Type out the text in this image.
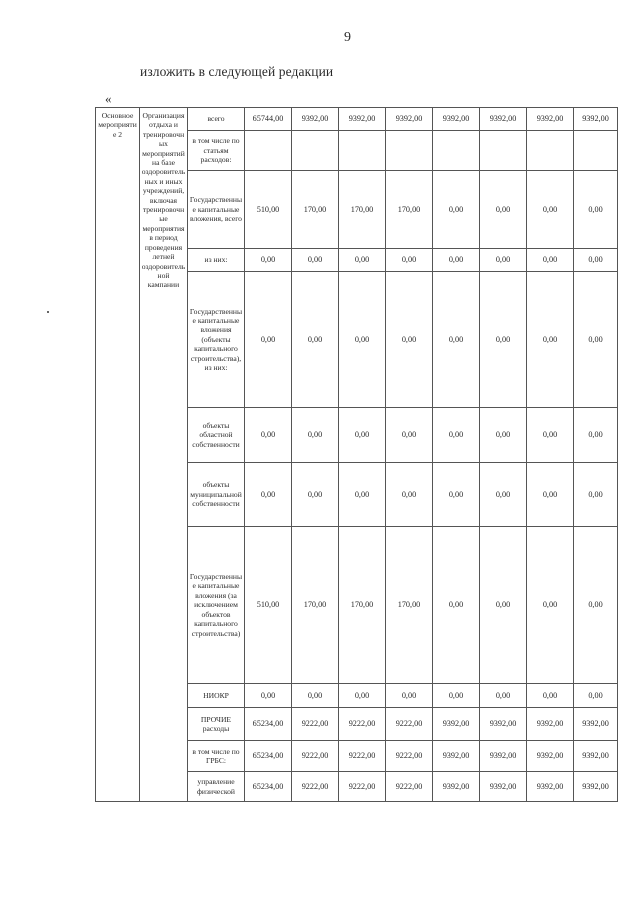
9
изложить в следующей редакции
«
Основное мероприятие 2	Организация отдыха и тренировочных мероприятий на базе оздоровительных и иных учреждений, включая тренировочные мероприятия в период проведения летней оздоровительной кампании	всего	65744,00	9392,00	9392,00	9392,00	9392,00	9392,00	9392,00	9392,00
		в том числе по статьям расходов:								
		Государственные капитальные вложения, всего	510,00	170,00	170,00	170,00	0,00	0,00	0,00	0,00
		из них:	0,00	0,00	0,00	0,00	0,00	0,00	0,00	0,00
		Государственные капитальные вложения (объекты капитального строительства), из них:	0,00	0,00	0,00	0,00	0,00	0,00	0,00	0,00
		объекты областной собственности	0,00	0,00	0,00	0,00	0,00	0,00	0,00	0,00
		объекты муниципальной собственности	0,00	0,00	0,00	0,00	0,00	0,00	0,00	0,00
		Государственные капитальные вложения (за исключением объектов капитального строительства)	510,00	170,00	170,00	170,00	0,00	0,00	0,00	0,00
		НИОКР	0,00	0,00	0,00	0,00	0,00	0,00	0,00	0,00
		ПРОЧИЕ расходы	65234,00	9222,00	9222,00	9222,00	9392,00	9392,00	9392,00	9392,00
		в том числе по ГРБС:	65234,00	9222,00	9222,00	9222,00	9392,00	9392,00	9392,00	9392,00
		управление физической	65234,00	9222,00	9222,00	9222,00	9392,00	9392,00	9392,00	9392,00
